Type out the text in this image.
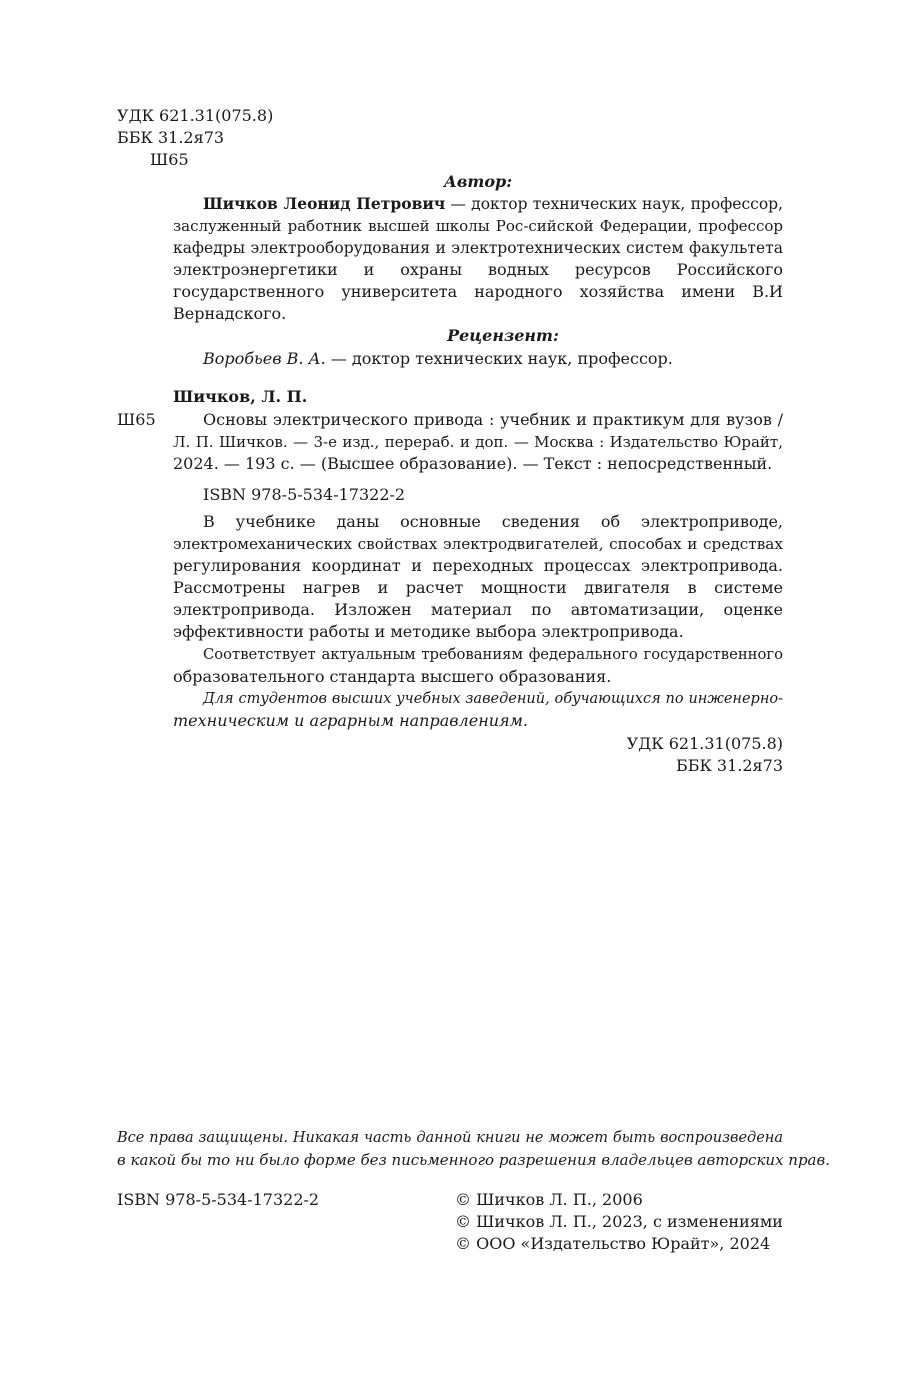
УДК 621.31(075.8)
ББК 31.2я73
Ш65
Автор:
Шичков Леонид Петрович — доктор технических наук, профессор,
заслуженный работник высшей школы Рос-сийской Федерации, профессор
кафедры электрооборудования и электротехнических систем факультета
электроэнергетики и охраны водных ресурсов Российского
государственного университета народного хозяйства имени В.И
Вернадского.
Рецензент:
Воробьев В. А. — доктор технических наук, профессор.
Шичков, Л. П.
Ш65	Основы электрического привода : учебник и практикум для вузов /
Л. П. Шичков. — 3-е изд., перераб. и доп. — Москва : Издательство Юрайт,
2024. — 193 с. — (Высшее образование). — Текст : непосредственный.
ISBN 978-5-534-17322-2
В учебнике даны основные сведения об электроприводе,
электромеханических свойствах электродвигателей, способах и средствах
регулирования координат и переходных процессах электропривода.
Рассмотрены нагрев и расчет мощности двигателя в системе
электропривода. Изложен материал по автоматизации, оценке
эффективности работы и методике выбора электропривода.
Соответствует актуальным требованиям федерального государственного
образовательного стандарта высшего образования.
Для студентов высших учебных заведений, обучающихся по инженерно-
техническим и аграрным направлениям.
УДК 621.31(075.8)
ББК 31.2я73
Все права защищены. Никакая часть данной книги не может быть воспроизведена
в какой бы то ни было форме без письменного разрешения владельцев авторских прав.
ISBN 978-5-534-17322-2	© Шичков Л. П., 2006
© Шичков Л. П., 2023, с изменениями
© ООО «Издательство Юрайт», 2024
